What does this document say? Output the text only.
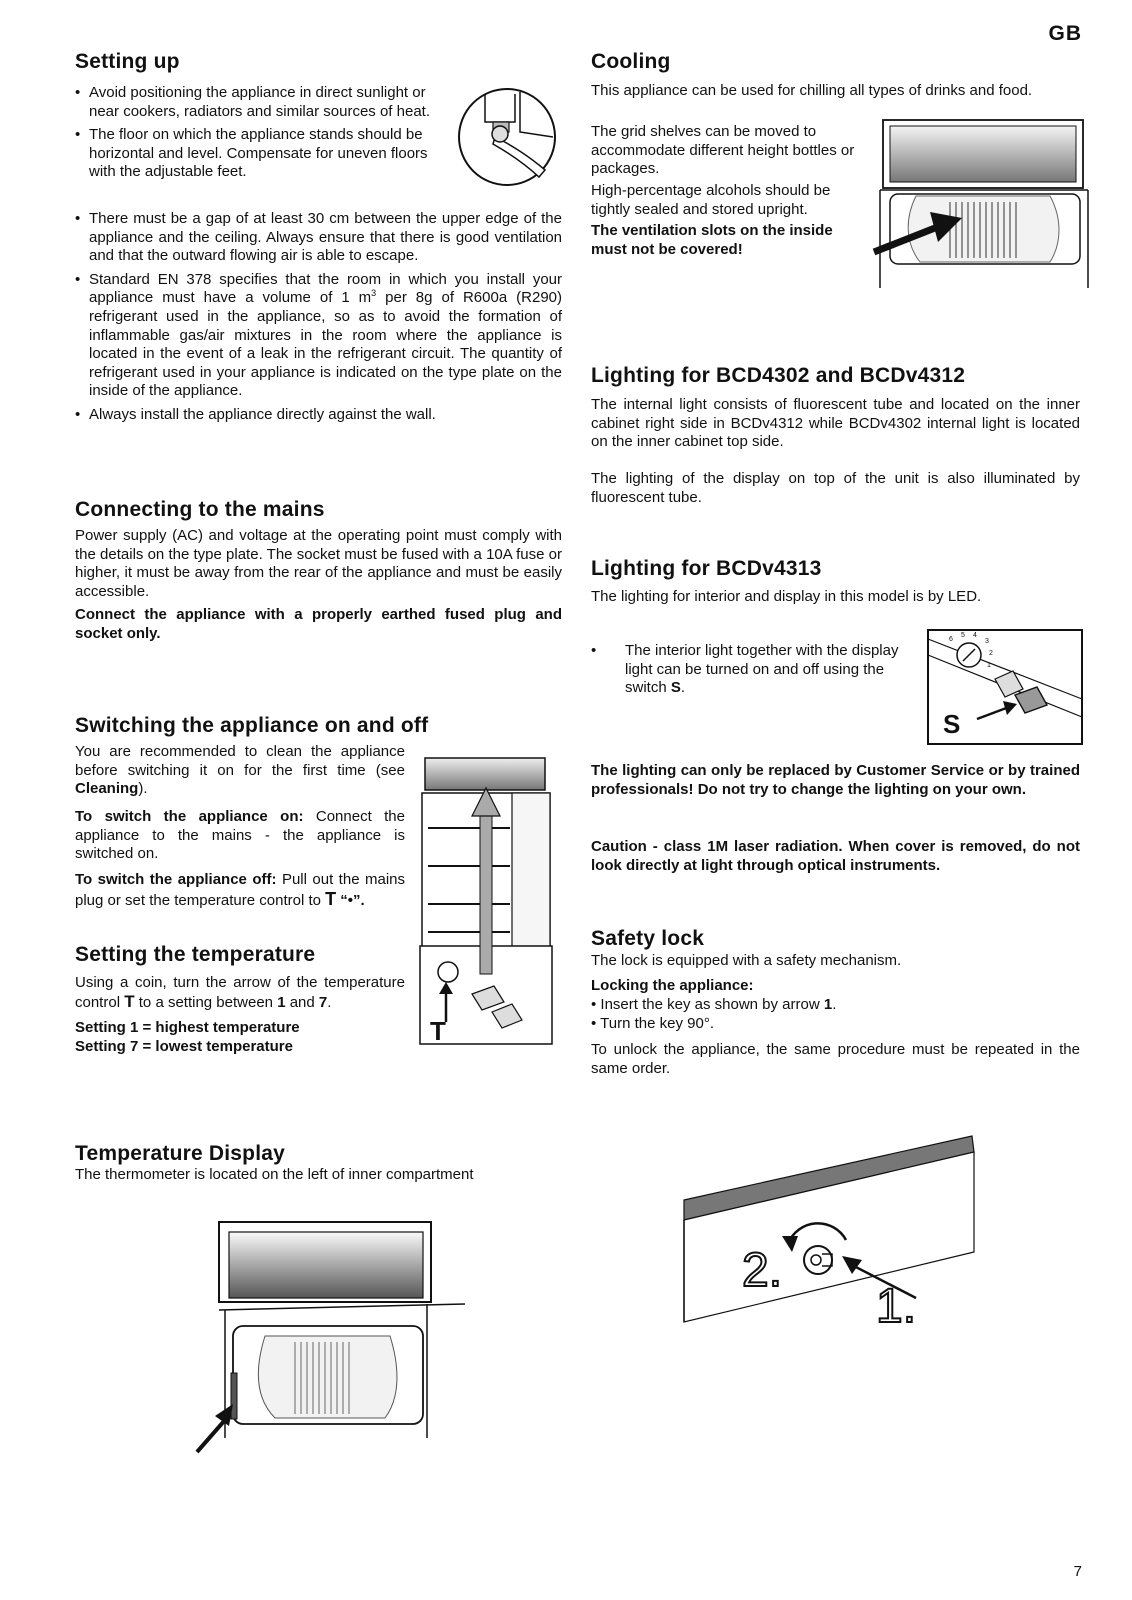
GB
Setting up
• Avoid positioning the appliance in direct sunlight or near cookers, radiators and similar sources of heat.
• The floor on which the appliance stands should be horizontal and level. Compensate for uneven floors with the adjustable feet.
• There must be a gap of at least 30 cm between the upper edge of the appliance and the ceiling. Always ensure that there is good ventilation and that the outward flowing air is able to escape.
• Standard EN 378 specifies that the room in which you install your appliance must have a volume of 1 $m^3$ per 8g of R600a (R290) refrigerant used in the appliance, so as to avoid the formation of inflammable gas/air mixtures in the room where the appliance is located in the event of a leak in the refrigerant circuit. The quantity of refrigerant used in your appliance is indicated on the type plate on the inside of the appliance.
• Always install the appliance directly against the wall.
Connecting to the mains

Power supply (AC) and voltage at the operating point must comply with the details on the type plate. The socket must be fused with a 10A fuse or higher, it must be away from the rear of the appliance and must be easily accessible.

Connect the appliance with a properly earthed fused plug and socket only.

Switching the appliance on and off

You are recommended to clean the appliance before switching it on for the first time (see Cleaning).

To switch the appliance on: Connect the appliance to the mains - the appliance is switched on.

To switch the appliance off: Pull out the mains plug or set the temperature control to T “•”.

Setting the temperature

Using a coin, turn the arrow of the temperature control T to a setting between 1 and 7.

Setting 1 = highest temperature

Setting 7 = lowest temperature

T
Temperature Display

The thermometer is located on the left of inner compartment

Cooling

This appliance can be used for chilling all types of drinks and food.

The grid shelves can be moved to accommodate different height bottles or packages.

High-percentage alcohols should be tightly sealed and stored upright.

The ventilation slots on the inside must not be covered!

Lighting for BCD4302 and BCDv4312

The internal light consists of fluorescent tube and located on the inner cabinet right side in BCDv4312 while BCDv4302 internal light is located on the inner cabinet top side.

The lighting of the display on top of the unit is also illuminated by fluorescent tube.

Lighting for BCDv4313

The lighting for interior and display in this model is by LED.

• The interior light together with the display light can be turned on and off using the switch S.
6
5 4
3
2
1
S

The lighting can only be replaced by Customer Service or by trained professionals! Do not try to change the lighting on your own.

Caution - class 1M laser radiation. When cover is removed, do not look directly at light through optical instruments.

Safety lock

The lock is equipped with a safety mechanism.

Locking the appliance:

• Insert the key as shown by arrow 1.

• Turn the key 90°.

To unlock the appliance, the same procedure must be repeated in the same order.

2.
1.
7
